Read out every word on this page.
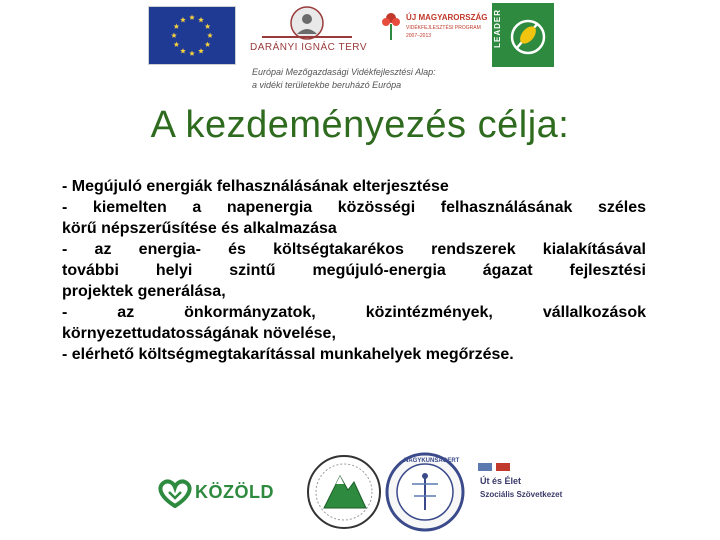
DARÁNYI IGNÁC TERV
ÚJ MAGYARORSZÁG
VIDÉKFEJLESZTÉSI PROGRAM
2007–2013	LEADER
Európai Mezőgazdasági Vidékfejlesztési Alap:
a vidéki területekbe beruházó Európa
A kezdeményezés célja:
- Megújuló energiák felhasználásának elterjesztése
- kiemelten a napenergia közösségi felhasználásának széles
körű népszerűsítése és alkalmazása
- az energia- és költségtakarékos rendszerek kialakításával
további helyi szintű megújuló-energia ágazat fejlesztési
projektek generálása,
- az önkormányzatok, közintézmények, vállalkozások
környezettudatosságának növelése,
- elérhető költségmegtakarítással munkahelyek megőrzése.
KÖZÖLD
NAGYKUNSÁGERT
Út és Élet
Szociális Szövetkezet
